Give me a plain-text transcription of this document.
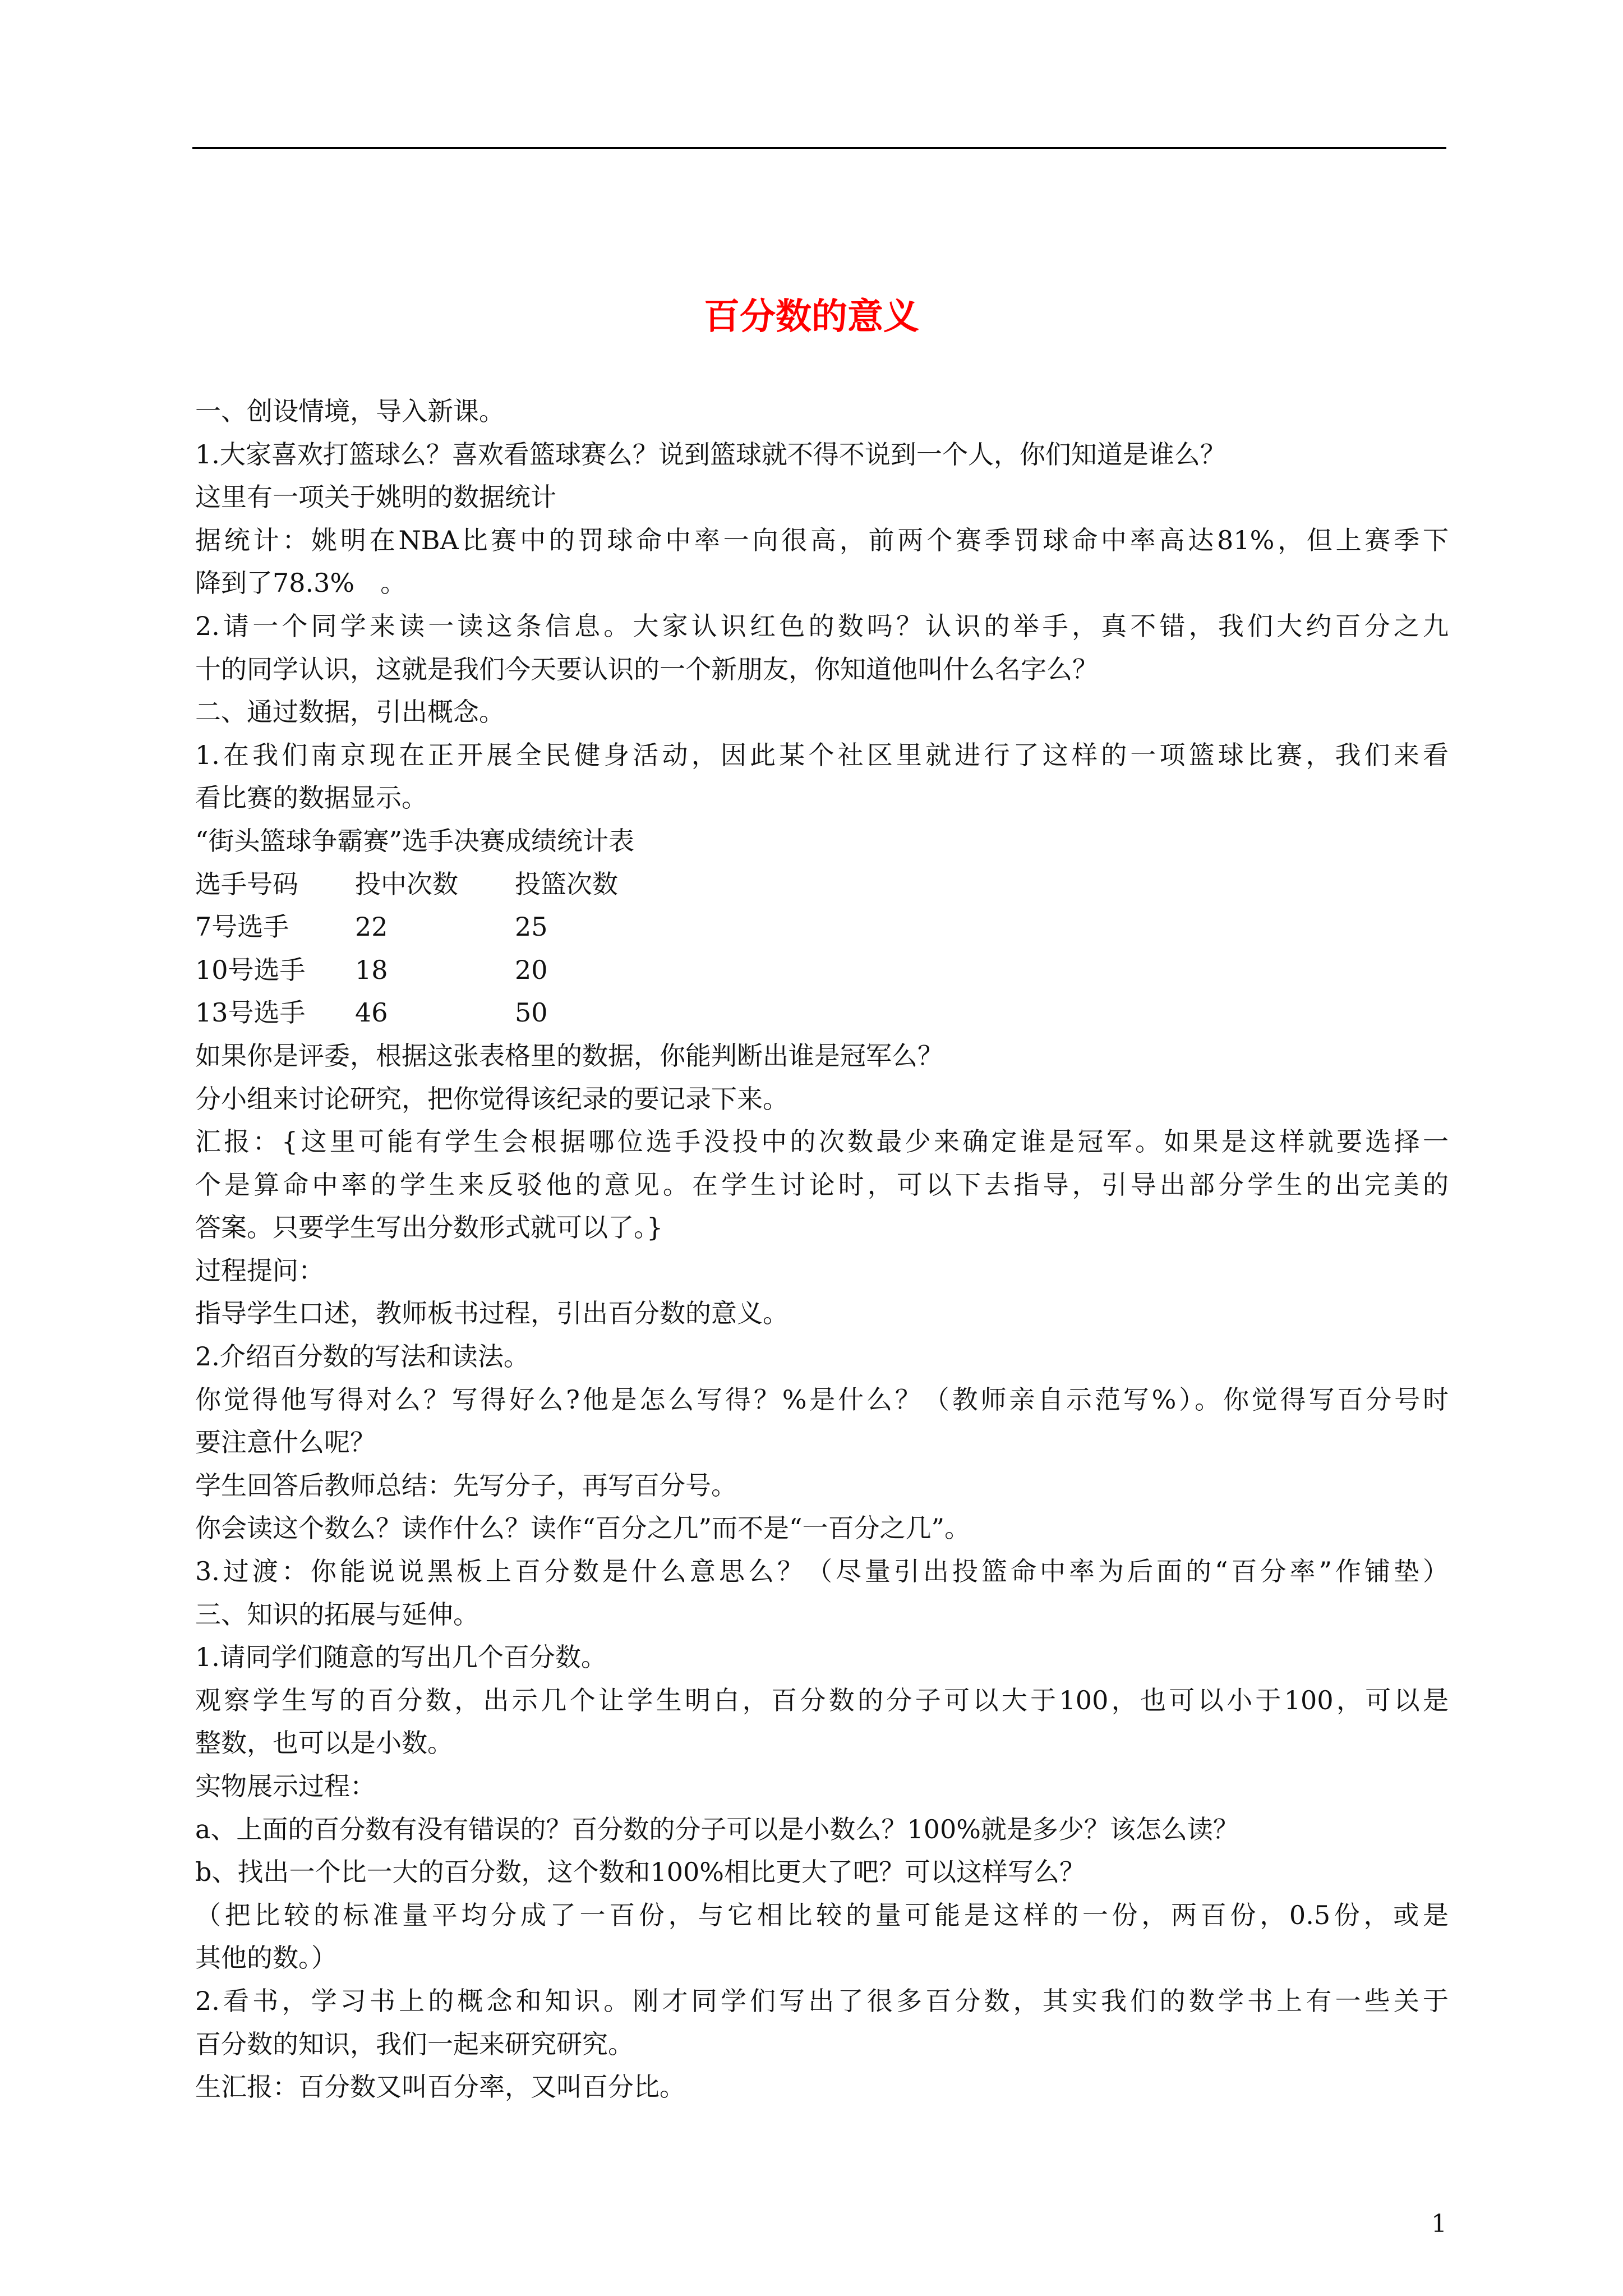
百分数的意义

一、创设情境，导入新课。

1.大家喜欢打篮球么？喜欢看篮球赛么？说到篮球就不得不说到一个人，你们知道是谁么？

这里有一项关于姚明的数据统计

据统计：姚明在NBA比赛中的罚球命中率一向很高，前两个赛季罚球命中率高达81%，但上赛季下

降到了78.3%　。

2.请一个同学来读一读这条信息。大家认识红色的数吗？认识的举手，真不错，我们大约百分之九

十的同学认识，这就是我们今天要认识的一个新朋友，你知道他叫什么名字么？

二、通过数据，引出概念。

1.在我们南京现在正开展全民健身活动，因此某个社区里就进行了这样的一项篮球比赛，我们来看

看比赛的数据显示。

“街头篮球争霸赛”选手决赛成绩统计表

选手号码	投中次数	投篮次数
7号选手	22	25
10号选手	18	20
13号选手	46	50

如果你是评委，根据这张表格里的数据，你能判断出谁是冠军么？

分小组来讨论研究，把你觉得该纪录的要记录下来。

汇报：{这里可能有学生会根据哪位选手没投中的次数最少来确定谁是冠军。如果是这样就要选择一

个是算命中率的学生来反驳他的意见。在学生讨论时，可以下去指导，引导出部分学生的出完美的

答案。只要学生写出分数形式就可以了。}

过程提问：

指导学生口述，教师板书过程，引出百分数的意义。

2.介绍百分数的写法和读法。

你觉得他写得对么？写得好么?他是怎么写得？%是什么？（教师亲自示范写%）。你觉得写百分号时

要注意什么呢？

学生回答后教师总结：先写分子，再写百分号。

你会读这个数么？读作什么？读作“百分之几”而不是“一百分之几”。

3.过渡：你能说说黑板上百分数是什么意思么？（尽量引出投篮命中率为后面的“百分率”作铺垫）

三、知识的拓展与延伸。

1.请同学们随意的写出几个百分数。

观察学生写的百分数，出示几个让学生明白，百分数的分子可以大于100，也可以小于100，可以是

整数，也可以是小数。

实物展示过程：

a、上面的百分数有没有错误的？百分数的分子可以是小数么？100%就是多少？该怎么读？

b、找出一个比一大的百分数，这个数和100%相比更大了吧？可以这样写么？

（把比较的标准量平均分成了一百份，与它相比较的量可能是这样的一份，两百份，0.5份，或是

其他的数。）

2.看书，学习书上的概念和知识。刚才同学们写出了很多百分数，其实我们的数学书上有一些关于

百分数的知识，我们一起来研究研究。

生汇报：百分数又叫百分率，又叫百分比。

1
